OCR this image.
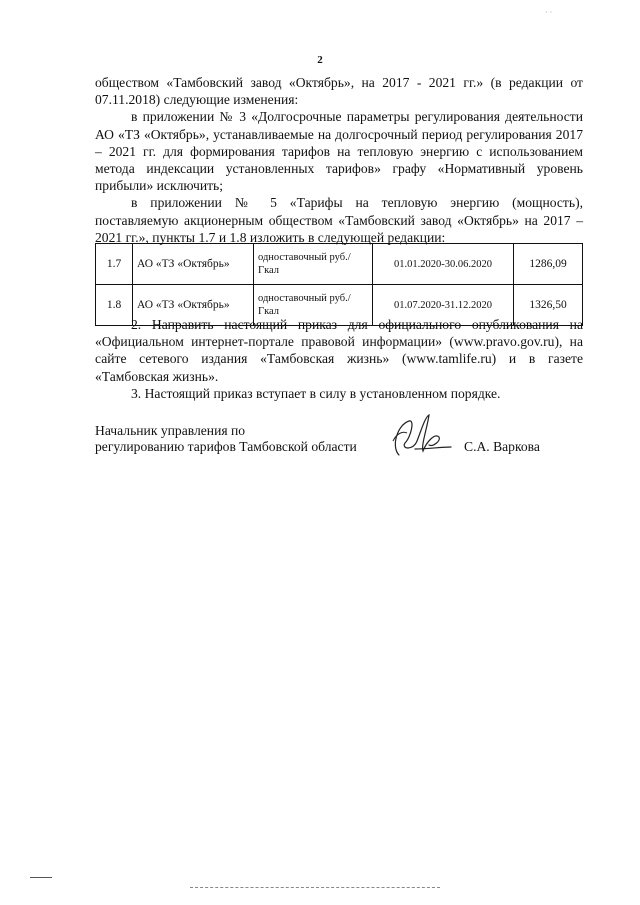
2

обществом «Тамбовский завод «Октябрь», на 2017 - 2021 гг.» (в редакции от 07.11.2018) следующие изменения:

в приложении № 3 «Долгосрочные параметры регулирования деятельности АО «ТЗ «Октябрь», устанавливаемые на долгосрочный период регулирования 2017 – 2021 гг. для формирования тарифов на тепловую энергию с использованием метода индексации установленных тарифов» графу «Нормативный уровень прибыли» исключить;

в приложении № 5 «Тарифы на тепловую энергию (мощность), поставляемую акционерным обществом «Тамбовский завод «Октябрь» на 2017 – 2021 гг.», пункты 1.7 и 1.8 изложить в следующей редакции:

1.7	АО «ТЗ «Октябрь»	одноставочный руб./Гкал	01.01.2020-30.06.2020	1286,09
1.8	АО «ТЗ «Октябрь»	одноставочный руб./Гкал	01.07.2020-31.12.2020	1326,50

2. Направить настоящий приказ для официального опубликования на «Официальном интернет-портале правовой информации» (www.pravo.gov.ru), на сайте сетевого издания «Тамбовская жизнь» (www.tamlife.ru) и в газете «Тамбовская жизнь».

3. Настоящий приказ вступает в силу в установленном порядке.

Начальник управления по
регулированию тарифов Тамбовской области	С.А. Варкова
· ·
